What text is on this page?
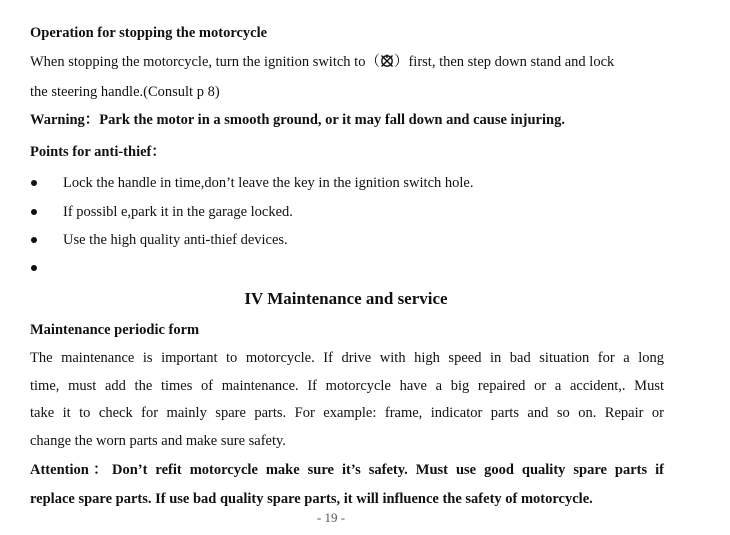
Operation for stopping the motorcycle
When stopping the motorcycle, turn the ignition switch to（ ）first, then step down stand and lock
the steering handle.(Consult p 8)
Warning：Park the motor in a smooth ground, or it may fall down and cause injuring.
Points for anti-thief：
Lock the handle in time,don’t leave the key in the ignition switch hole.
If possibl e,park it in the garage locked.
Use the high quality anti-thief devices.
IV Maintenance and service
Maintenance periodic form
The maintenance is important to motorcycle. If drive with high speed in bad situation for a long
time, must add the times of maintenance. If motorcycle have a big repaired or a accident,. Must
take it to check for mainly spare parts. For example: frame, indicator parts and so on. Repair or
change the worn parts and make sure safety.
Attention：Don’t refit motorcycle make sure it’s safety. Must use good quality spare parts if
replace spare parts. If use bad quality spare parts, it will influence the safety of motorcycle.
- 19 -
